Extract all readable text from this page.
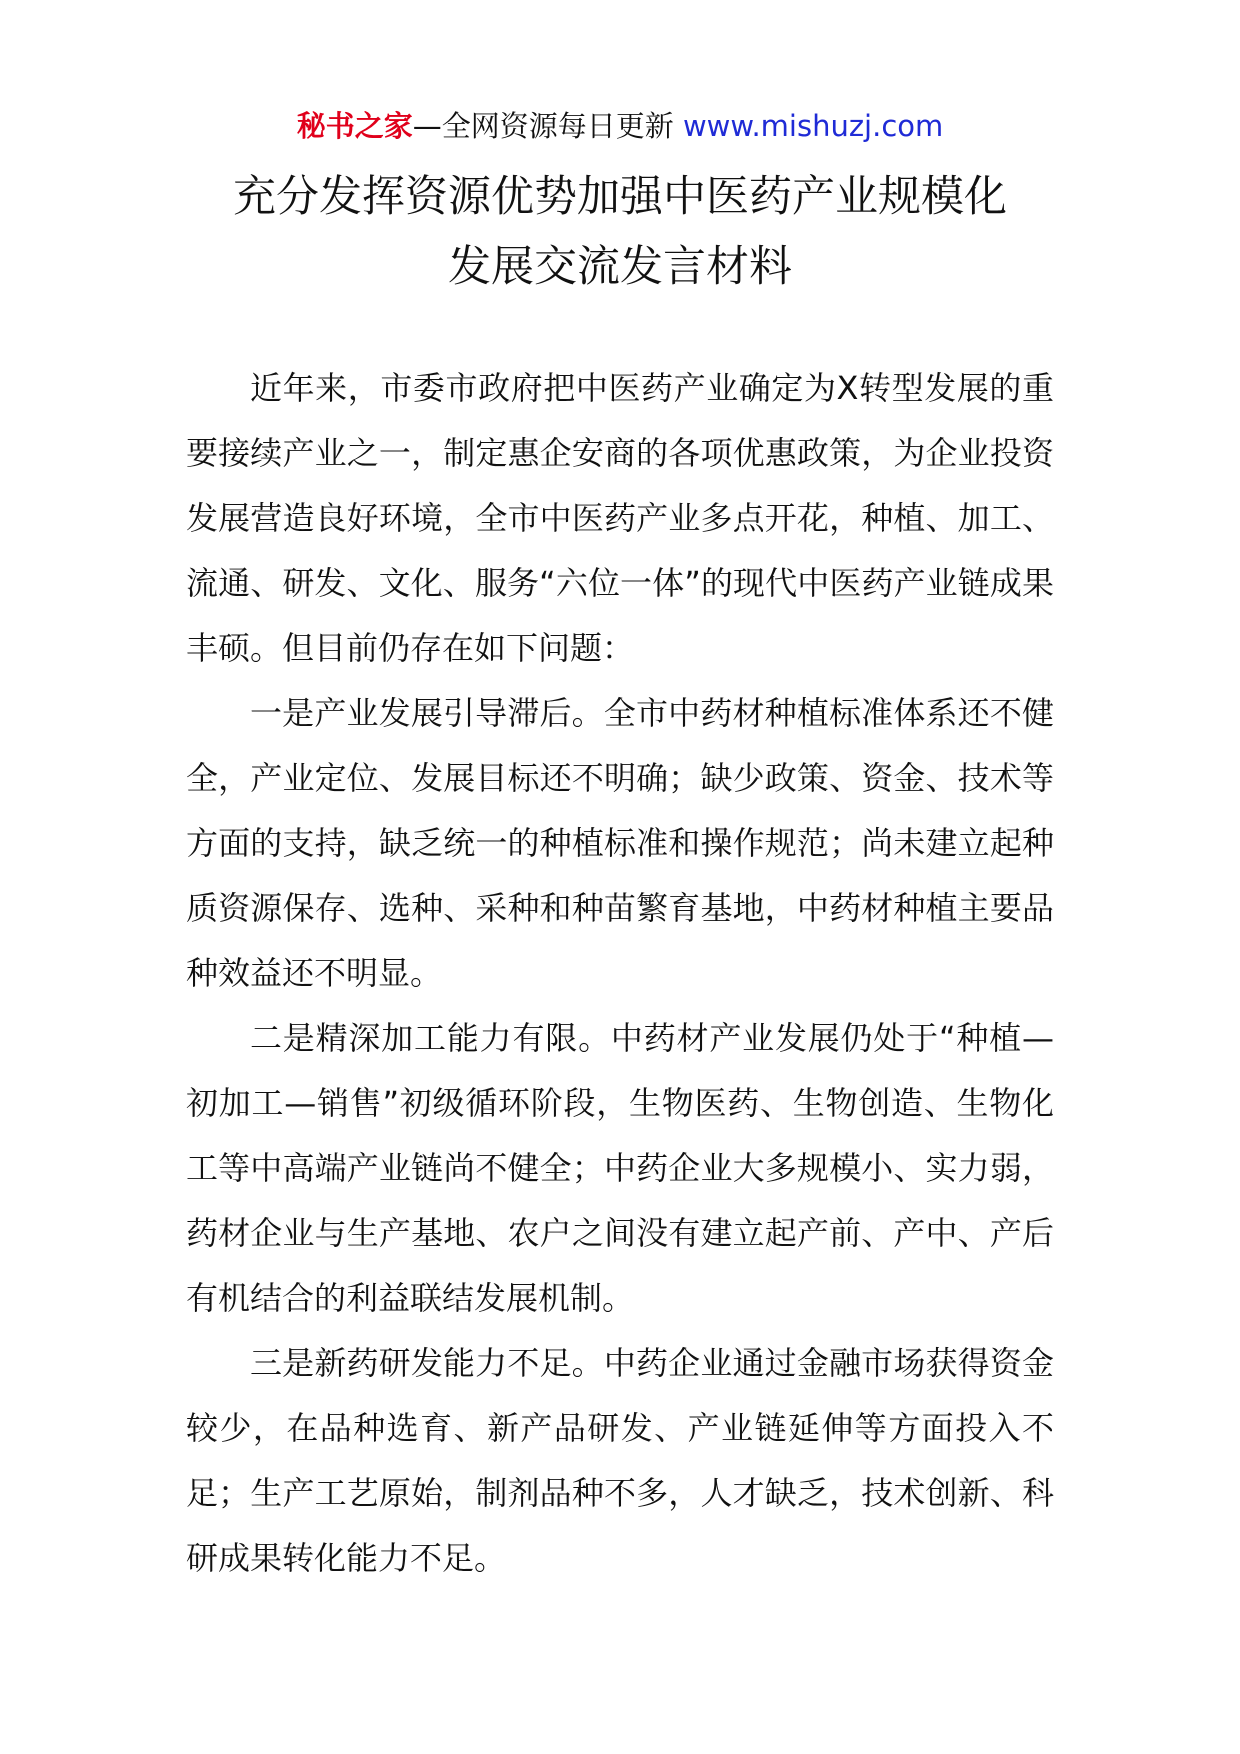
秘书之家—全网资源每日更新 www.mishuzj.com
充分发挥资源优势加强中医药产业规模化
发展交流发言材料

近年来，市委市政府把中医药产业确定为X转型发展的重要接续产业之一，制定惠企安商的各项优惠政策，为企业投资发展营造良好环境，全市中医药产业多点开花，种植、加工、流通、研发、文化、服务“六位一体”的现代中医药产业链成果丰硕。但目前仍存在如下问题：

一是产业发展引导滞后。全市中药材种植标准体系还不健全，产业定位、发展目标还不明确；缺少政策、资金、技术等方面的支持，缺乏统一的种植标准和操作规范；尚未建立起种质资源保存、选种、采种和种苗繁育基地，中药材种植主要品种效益还不明显。

二是精深加工能力有限。中药材产业发展仍处于“种植—初加工—销售”初级循环阶段，生物医药、生物创造、生物化工等中高端产业链尚不健全；中药企业大多规模小、实力弱，药材企业与生产基地、农户之间没有建立起产前、产中、产后有机结合的利益联结发展机制。

三是新药研发能力不足。中药企业通过金融市场获得资金较少，在品种选育、新产品研发、产业链延伸等方面投入不足；生产工艺原始，制剂品种不多，人才缺乏，技术创新、科研成果转化能力不足。
